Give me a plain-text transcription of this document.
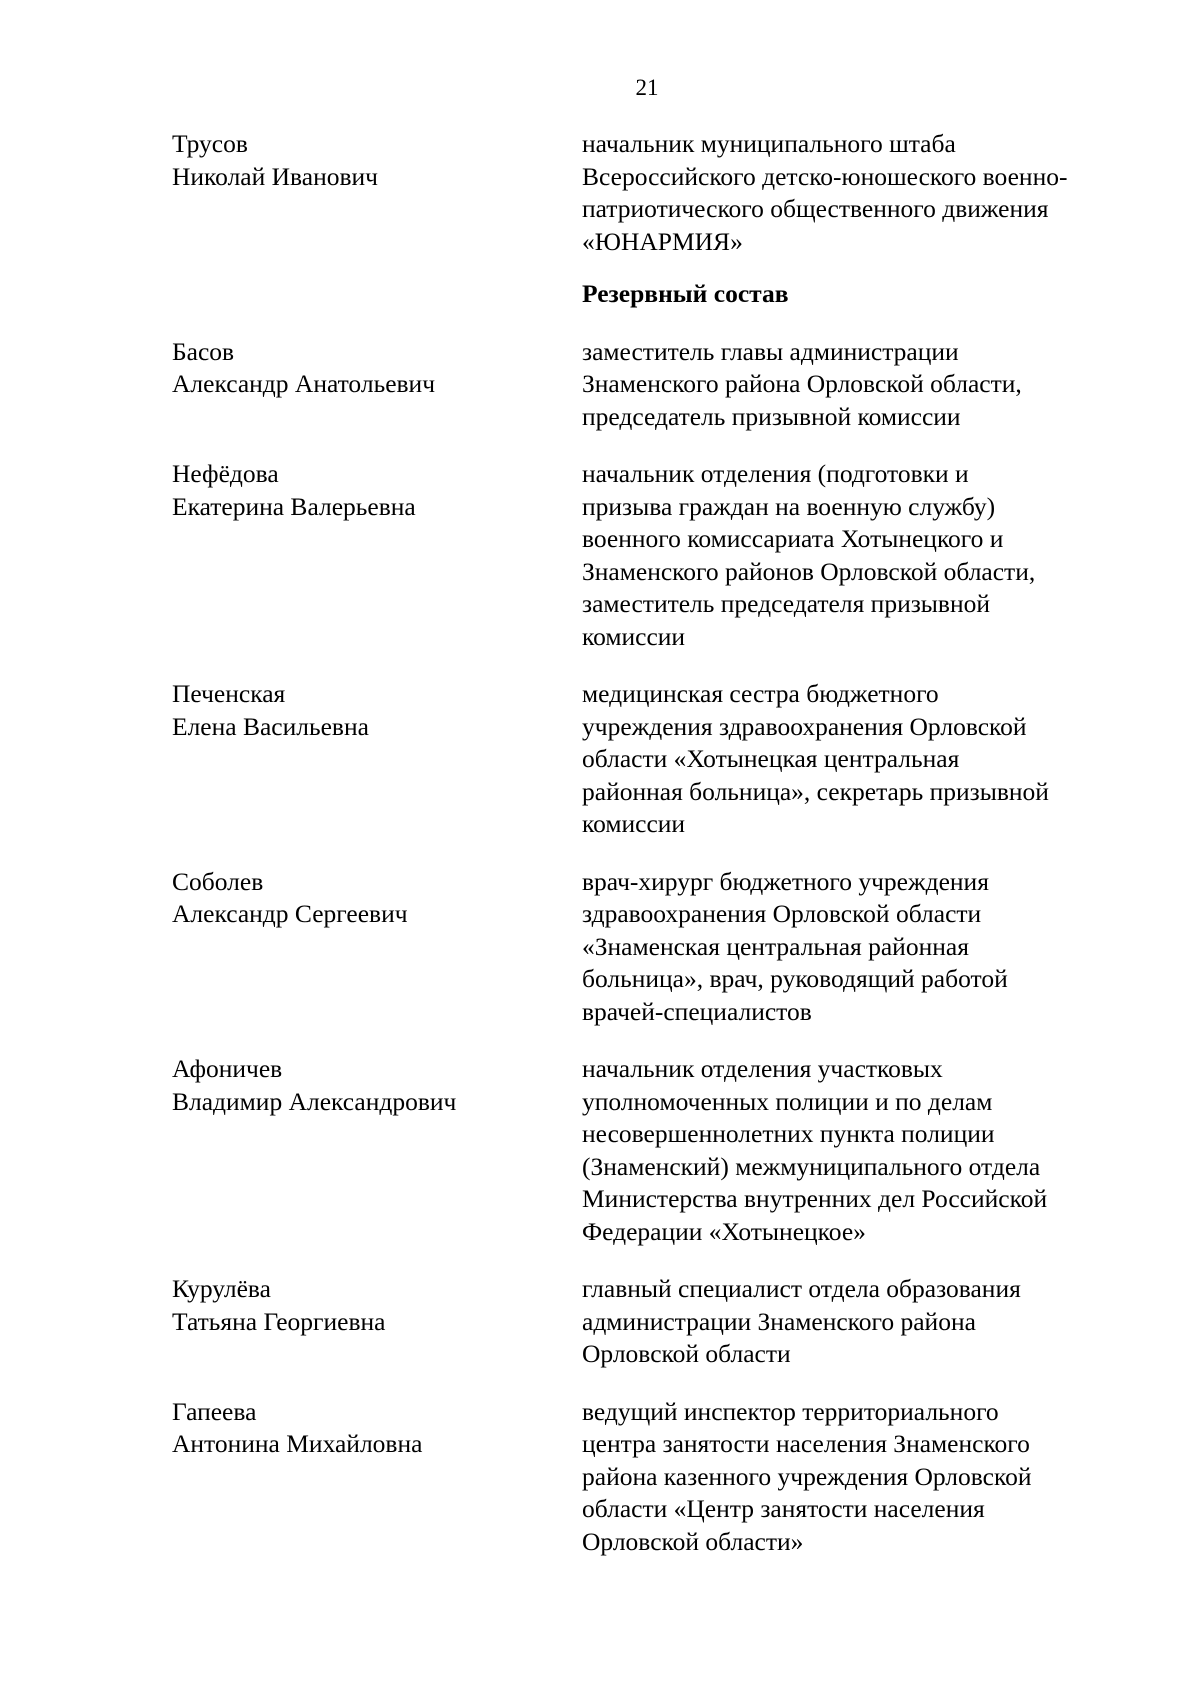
21
Трусов
Николай Иванович
начальник муниципального штаба
Всероссийского детско-юношеского военно-
патриотического общественного движения
«ЮНАРМИЯ»
Резервный состав
Басов
Александр Анатольевич
заместитель главы администрации
Знаменского района Орловской области,
председатель призывной комиссии
Нефёдова
Екатерина Валерьевна
начальник отделения (подготовки и
призыва граждан на военную службу)
военного комиссариата Хотынецкого и
Знаменского районов Орловской области,
заместитель председателя призывной
комиссии
Печенская
Елена Васильевна
медицинская сестра бюджетного
учреждения здравоохранения Орловской
области «Хотынецкая центральная
районная больница», секретарь призывной
комиссии
Соболев
Александр Сергеевич
врач-хирург бюджетного учреждения
здравоохранения Орловской области
«Знаменская центральная районная
больница», врач, руководящий работой
врачей-специалистов
Афоничев
Владимир Александрович
начальник отделения участковых
уполномоченных полиции и по делам
несовершеннолетних пункта полиции
(Знаменский) межмуниципального отдела
Министерства внутренних дел Российской
Федерации «Хотынецкое»
Курулёва
Татьяна Георгиевна
главный специалист отдела образования
администрации Знаменского района
Орловской области
Гапеева
Антонина Михайловна
ведущий инспектор территориального
центра занятости населения Знаменского
района казенного учреждения Орловской
области «Центр занятости населения
Орловской области»
